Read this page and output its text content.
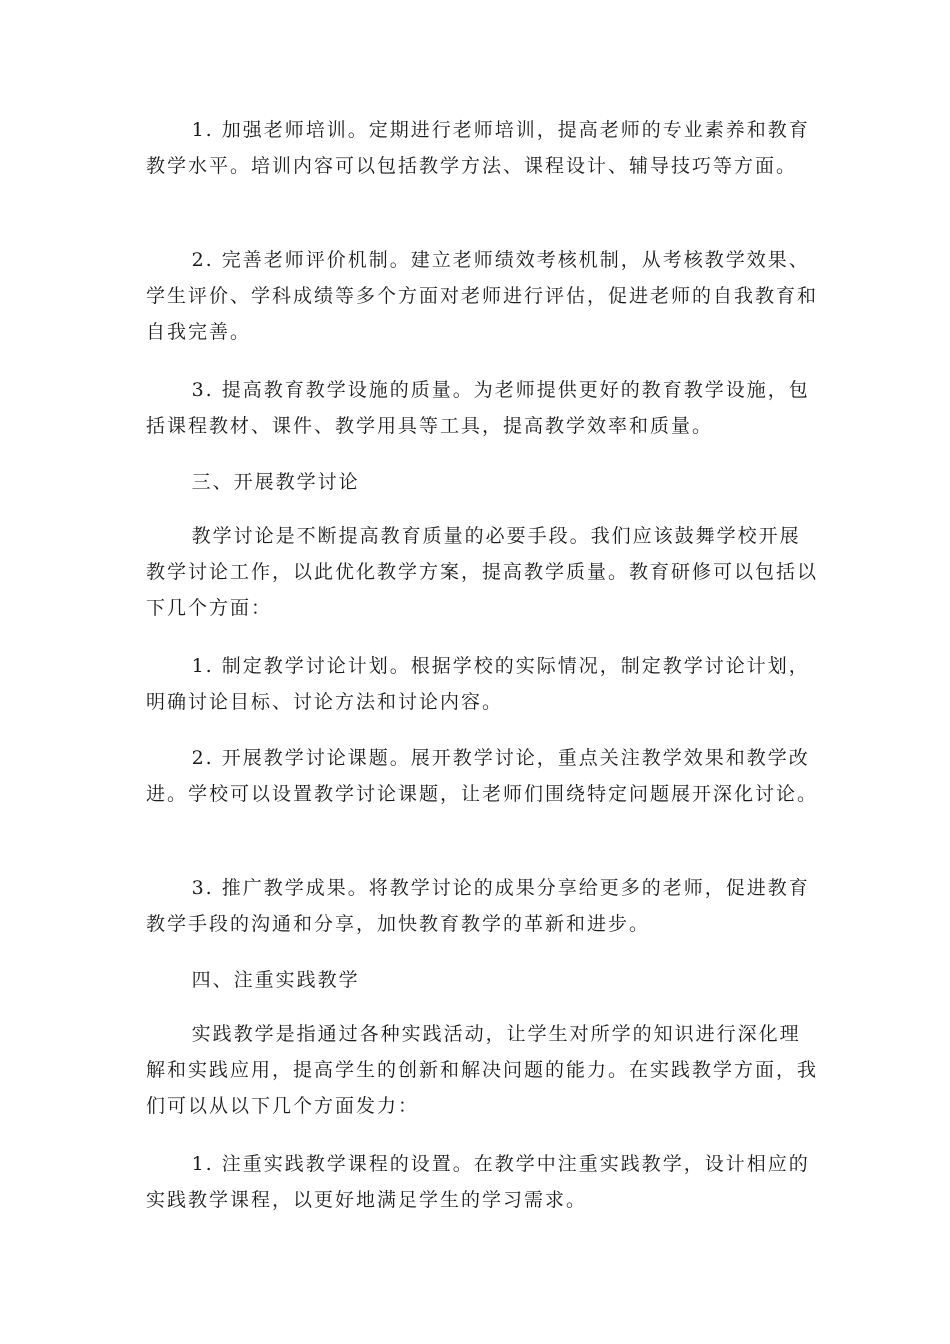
1. 加强老师培训。定期进行老师培训，提高老师的专业素养和教育教学水平。培训内容可以包括教学方法、课程设计、辅导技巧等方面。

2. 完善老师评价机制。建立老师绩效考核机制，从考核教学效果、学生评价、学科成绩等多个方面对老师进行评估，促进老师的自我教育和自我完善。

3. 提高教育教学设施的质量。为老师提供更好的教育教学设施，包括课程教材、课件、教学用具等工具，提高教学效率和质量。

三、开展教学讨论

教学讨论是不断提高教育质量的必要手段。我们应该鼓舞学校开展教学讨论工作，以此优化教学方案，提高教学质量。教育研修可以包括以下几个方面：

1. 制定教学讨论计划。根据学校的实际情况，制定教学讨论计划，明确讨论目标、讨论方法和讨论内容。

2. 开展教学讨论课题。展开教学讨论，重点关注教学效果和教学改进。学校可以设置教学讨论课题，让老师们围绕特定问题展开深化讨论。

3. 推广教学成果。将教学讨论的成果分享给更多的老师，促进教育教学手段的沟通和分享，加快教育教学的革新和进步。

四、注重实践教学

实践教学是指通过各种实践活动，让学生对所学的知识进行深化理解和实践应用，提高学生的创新和解决问题的能力。在实践教学方面，我们可以从以下几个方面发力：

1. 注重实践教学课程的设置。在教学中注重实践教学，设计相应的实践教学课程，以更好地满足学生的学习需求。
